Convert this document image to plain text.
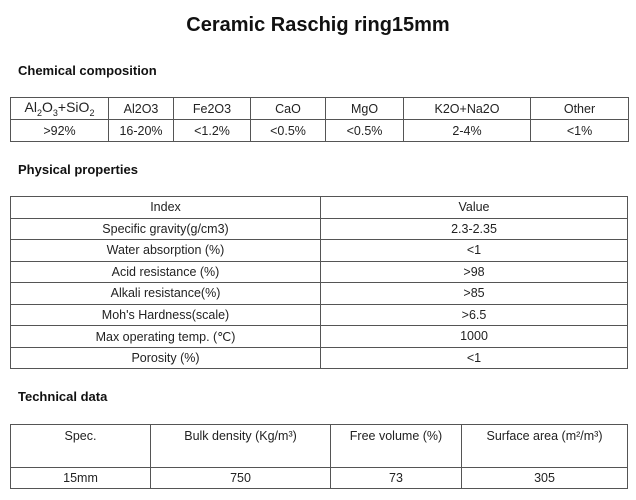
Ceramic Raschig ring15mm
Chemical composition
$Al_2O_3+SiO_2$	Al2O3	Fe2O3	CaO	MgO	K2O+Na2O	Other
>92%	16-20%	<1.2%	<0.5%	<0.5%	2-4%	<1%
Physical properties
Index	Value
Specific gravity(g/cm3)	2.3-2.35
Water absorption (%)	<1
Acid resistance (%)	>98
Alkali resistance(%)	>85
Moh's Hardness(scale)	>6.5
Max operating temp. (℃)	1000
Porosity (%)	<1
Technical data
Spec.	Bulk density (Kg/m³)	Free volume (%)	Surface area (m²/m³)
15mm	750	73	305
